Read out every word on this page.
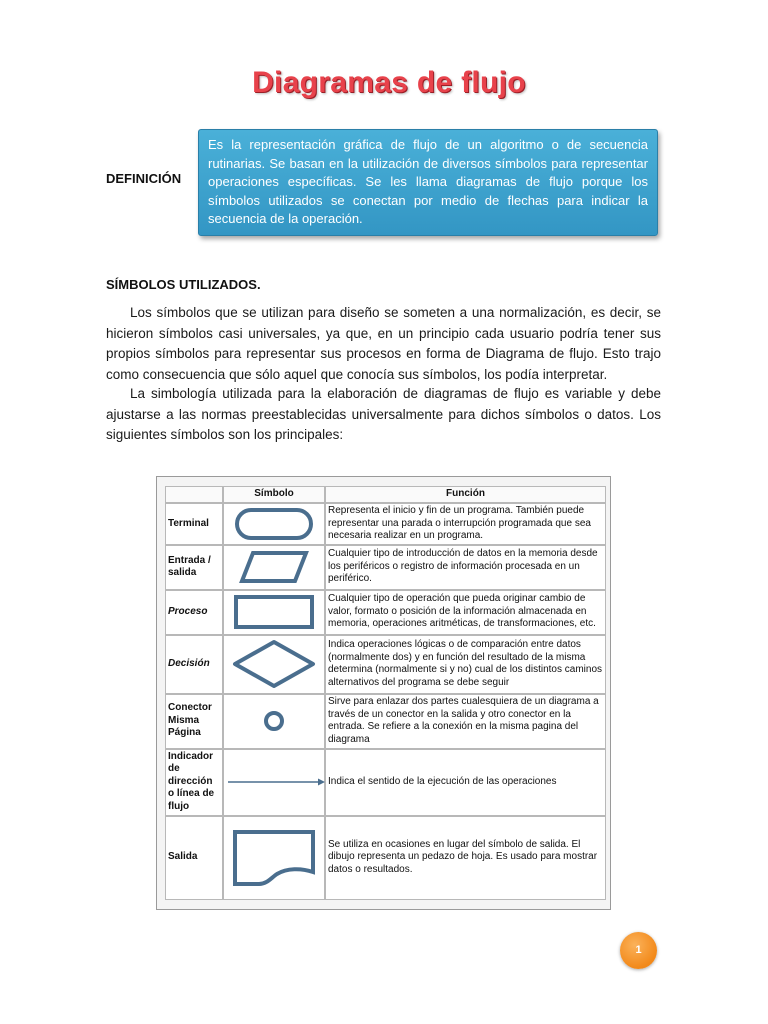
Diagramas de flujo
DEFINICIÓN
Es la representación gráfica de flujo de un algoritmo o de secuencia rutinarias. Se basan en la utilización de diversos símbolos para representar operaciones específicas. Se les llama diagramas de flujo porque los símbolos utilizados se conectan por medio de flechas para indicar la secuencia de la operación.
SÍMBOLOS UTILIZADOS.
Los símbolos que se utilizan para diseño se someten a una normalización, es decir, se hicieron símbolos casi universales, ya que, en un principio cada usuario podría tener sus propios símbolos para representar sus procesos en forma de Diagrama de flujo. Esto trajo como consecuencia que sólo aquel que conocía sus símbolos, los podía interpretar.
La simbología utilizada para la elaboración de diagramas de flujo es variable y debe ajustarse a las normas preestablecidas universalmente para dichos símbolos o datos. Los siguientes símbolos son los principales:
	Símbolo	Función
Terminal		Representa el inicio y fin de un programa. También puede representar una parada o interrupción programada que sea necesaria realizar en un programa.
Entrada / salida		Cualquier tipo de introducción de datos en la memoria desde los periféricos o registro de información procesada en un periférico.
Proceso		Cualquier tipo de operación que pueda originar cambio de valor, formato o posición de la información almacenada en memoria, operaciones aritméticas, de transformaciones, etc.
Decisión		Indica operaciones lógicas o de comparación entre datos (normalmente dos) y en función del resultado de la misma determina (normalmente si y no) cual de los distintos caminos alternativos del programa se debe seguir
Conector Misma Página		Sirve para enlazar dos partes cualesquiera de un diagrama a través de un conector en la salida y otro conector en la entrada. Se refiere a la conexión en la misma pagina del diagrama
Indicador de dirección o línea de flujo		Indica el sentido de la ejecución de las operaciones
Salida		Se utiliza en ocasiones en lugar del símbolo de salida. El dibujo representa un pedazo de hoja. Es usado para mostrar datos o resultados.
1
